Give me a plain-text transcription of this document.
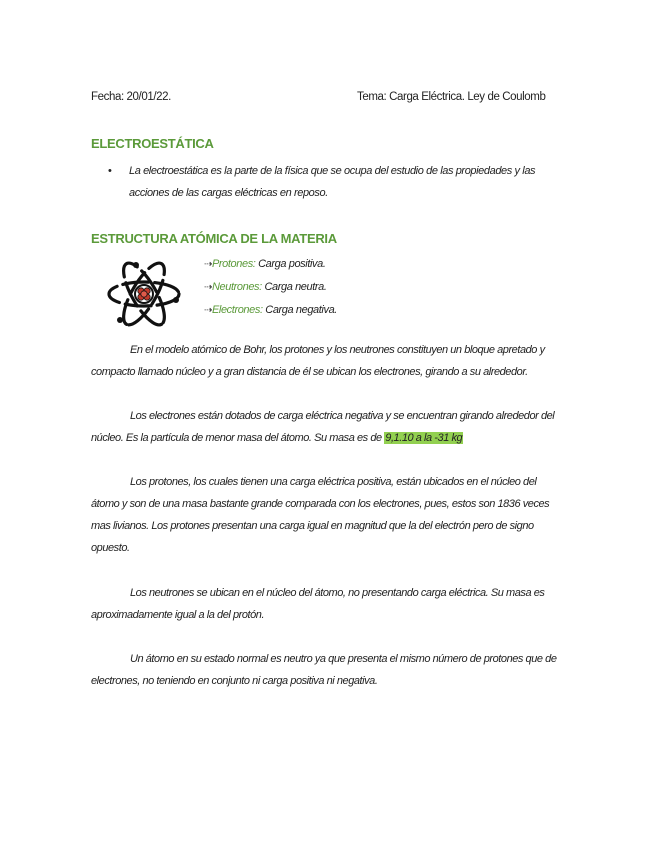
Fecha: 20/01/22.	Tema: Carga Eléctrica. Ley de Coulomb
ELECTROESTÁTICA
• La electroestática es la parte de la física que se ocupa del estudio de las propiedades y las acciones de las cargas eléctricas en reposo.
ESTRUCTURA ATÓMICA DE LA MATERIA
⇢Protones: Carga positiva.
⇢Neutrones: Carga neutra.
⇢Electrones: Carga negativa.
En el modelo atómico de Bohr, los protones y los neutrones constituyen un bloque apretado y compacto llamado núcleo y a gran distancia de él se ubican los electrones, girando a su alrededor.
Los electrones están dotados de carga eléctrica negativa y se encuentran girando alrededor del núcleo. Es la partícula de menor masa del átomo. Su masa es de 9,1.10 a la -31 kg
Los protones, los cuales tienen una carga eléctrica positiva, están ubicados en el núcleo del átomo y son de una masa bastante grande comparada con los electrones, pues, estos son 1836 veces mas livianos. Los protones presentan una carga igual en magnitud que la del electrón pero de signo opuesto.
Los neutrones se ubican en el núcleo del átomo, no presentando carga eléctrica. Su masa es aproximadamente igual a la del protón.
Un átomo en su estado normal es neutro ya que presenta el mismo número de protones que de electrones, no teniendo en conjunto ni carga positiva ni negativa.
